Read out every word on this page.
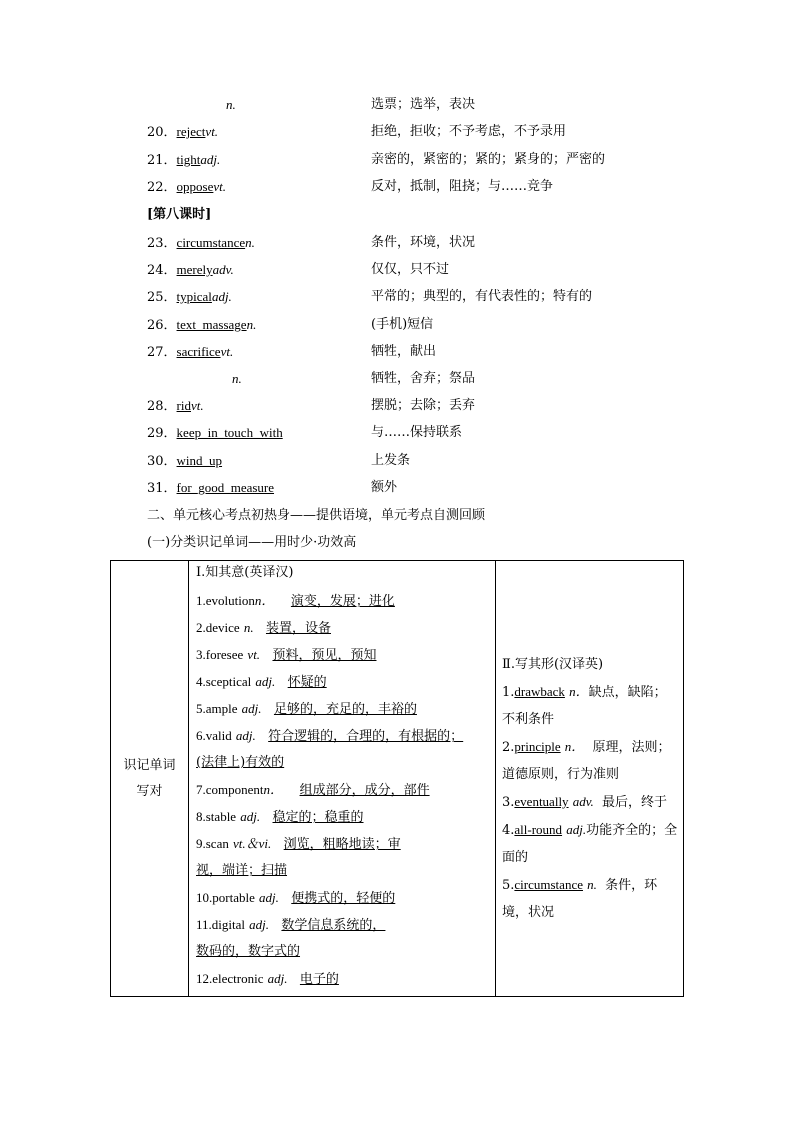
n.	选票；选举，表决
20．rejectvt.	拒绝，拒收；不予考虑，不予录用
21．tightadj.	亲密的，紧密的；紧的；紧身的；严密的
22．opposevt.	反对，抵制，阻挠；与……竞争
[第八课时]
23．circumstancen.	条件，环境，状况
24．merelyadv.	仅仅，只不过
25．typicaladj.	平常的；典型的，有代表性的；特有的
26．text_massagen.	(手机)短信
27．sacrificevt.	牺牲，献出
n.	牺牲，舍弃；祭品
28．ridvt.	摆脱；去除；丢弃
29．keep_in_touch_with	与……保持联系
30．wind_up	上发条
31．for_good_measure	额外
二、单元核心考点初热身——提供语境，单元考点自测回顾
(一)分类识记单词——用时少·功效高
识记单词
写对

Ⅰ.知其意(英译汉)
1.evolutionn． 演变，发展；进化
2.device n. 装置，设备
3.foresee vt. 预料，预见，预知
4.sceptical adj. 怀疑的
5.ample adj. 足够的，充足的，丰裕的
6.valid adj. 符合逻辑的，合理的，有根据的；
(法律上)有效的
7.componentn． 组成部分，成分，部件
8.stable adj. 稳定的；稳重的
9.scan vt.＆vi. 浏览，粗略地读；审
视，端详；扫描
10.portable adj. 便携式的，轻便的
11.digital adj. 数学信息系统的，
数码的，数字式的
12.electronic adj. 电子的

Ⅱ.写其形(汉译英)
1.drawback n．缺点，缺陷；不利条件
2.principle n． 原理，法则；道德原则，行为准则
3.eventually adv. 最后，终于
4.all-round adj.功能齐全的；全面的
5.circumstance n. 条件，环境，状况
